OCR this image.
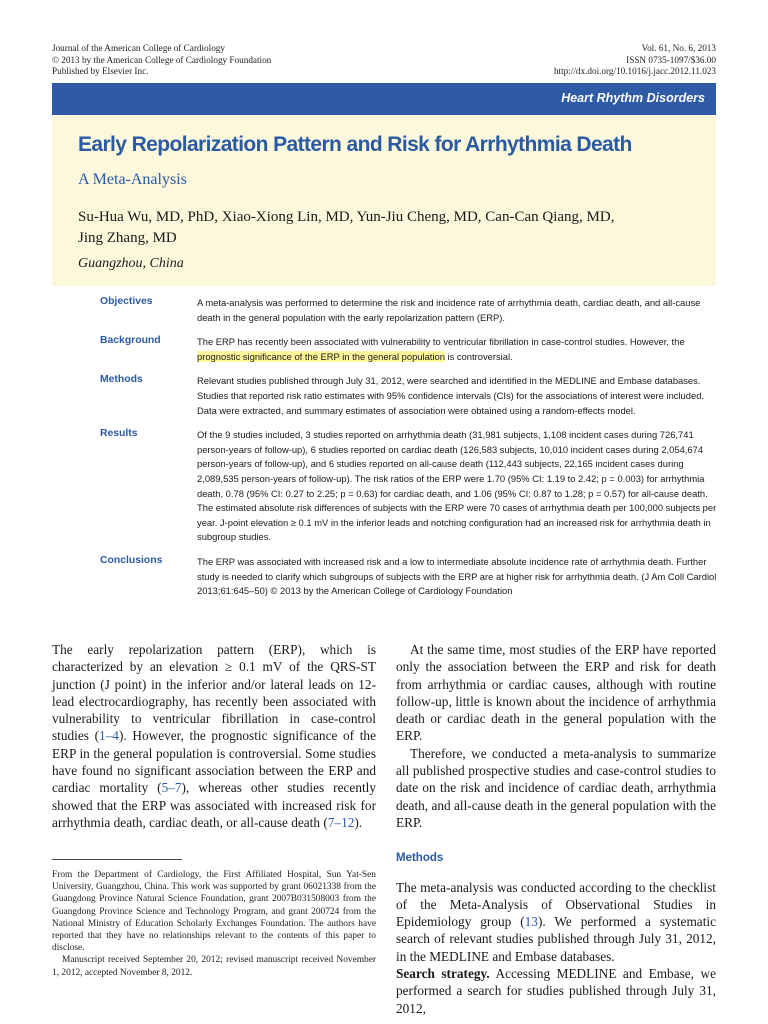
Journal of the American College of Cardiology
© 2013 by the American College of Cardiology Foundation
Published by Elsevier Inc.
Vol. 61, No. 6, 2013
ISSN 0735-1097/$36.00
http://dx.doi.org/10.1016/j.jacc.2012.11.023
Heart Rhythm Disorders
Early Repolarization Pattern and Risk for Arrhythmia Death
A Meta-Analysis
Su-Hua Wu, MD, PhD, Xiao-Xiong Lin, MD, Yun-Jiu Cheng, MD, Can-Can Qiang, MD,
Jing Zhang, MD
Guangzhou, China
Objectives	A meta-analysis was performed to determine the risk and incidence rate of arrhythmia death, cardiac death, and all-cause death in the general population with the early repolarization pattern (ERP).
Background	The ERP has recently been associated with vulnerability to ventricular fibrillation in case-control studies. However, the prognostic significance of the ERP in the general population is controversial.
Methods	Relevant studies published through July 31, 2012, were searched and identified in the MEDLINE and Embase databases. Studies that reported risk ratio estimates with 95% confidence intervals (CIs) for the associations of interest were included. Data were extracted, and summary estimates of association were obtained using a random-effects model.
Results	Of the 9 studies included, 3 studies reported on arrhythmia death (31,981 subjects, 1,108 incident cases during 726,741 person-years of follow-up), 6 studies reported on cardiac death (126,583 subjects, 10,010 incident cases during 2,054,674 person-years of follow-up), and 6 studies reported on all-cause death (112,443 subjects, 22,165 incident cases during 2,089,535 person-years of follow-up). The risk ratios of the ERP were 1.70 (95% CI: 1.19 to 2.42; p = 0.003) for arrhythmia death, 0.78 (95% CI: 0.27 to 2.25; p = 0.63) for cardiac death, and 1.06 (95% CI: 0.87 to 1.28; p = 0.57) for all-cause death. The estimated absolute risk differences of subjects with the ERP were 70 cases of arrhythmia death per 100,000 subjects per year. J-point elevation ≥ 0.1 mV in the inferior leads and notching configuration had an increased risk for arrhythmia death in subgroup studies.
Conclusions	The ERP was associated with increased risk and a low to intermediate absolute incidence rate of arrhythmia death. Further study is needed to clarify which subgroups of subjects with the ERP are at higher risk for arrhythmia death. (J Am Coll Cardiol 2013;61:645–50) © 2013 by the American College of Cardiology Foundation

The early repolarization pattern (ERP), which is characterized by an elevation ≥ 0.1 mV of the QRS-ST junction (J point) in the inferior and/or lateral leads on 12-lead electrocardiography, has recently been associated with vulnerability to ventricular fibrillation in case-control studies (1–4). However, the prognostic significance of the ERP in the general population is controversial. Some studies have found no significant association between the ERP and cardiac mortality (5–7), whereas other studies recently showed that the ERP was associated with increased risk for arrhythmia death, cardiac death, or all-cause death (7–12).

From the Department of Cardiology, the First Affiliated Hospital, Sun Yat-Sen University, Guangzhou, China. This work was supported by grant 06021338 from the Guangdong Province Natural Science Foundation, grant 2007B031508003 from the Guangdong Province Science and Technology Program, and grant 200724 from the National Ministry of Education Scholarly Exchanges Foundation. The authors have reported that they have no relationships relevant to the contents of this paper to disclose.

Manuscript received September 20, 2012; revised manuscript received November 1, 2012, accepted November 8, 2012.

At the same time, most studies of the ERP have reported only the association between the ERP and risk for death from arrhythmia or cardiac causes, although with routine follow-up, little is known about the incidence of arrhythmia death or cardiac death in the general population with the ERP.

Therefore, we conducted a meta-analysis to summarize all published prospective studies and case-control studies to date on the risk and incidence of cardiac death, arrhythmia death, and all-cause death in the general population with the ERP.

Methods

The meta-analysis was conducted according to the checklist of the Meta-Analysis of Observational Studies in Epidemiology group (13). We performed a systematic search of relevant studies published through July 31, 2012, in the MEDLINE and Embase databases.

Search strategy. Accessing MEDLINE and Embase, we performed a search for studies published through July 31, 2012,
